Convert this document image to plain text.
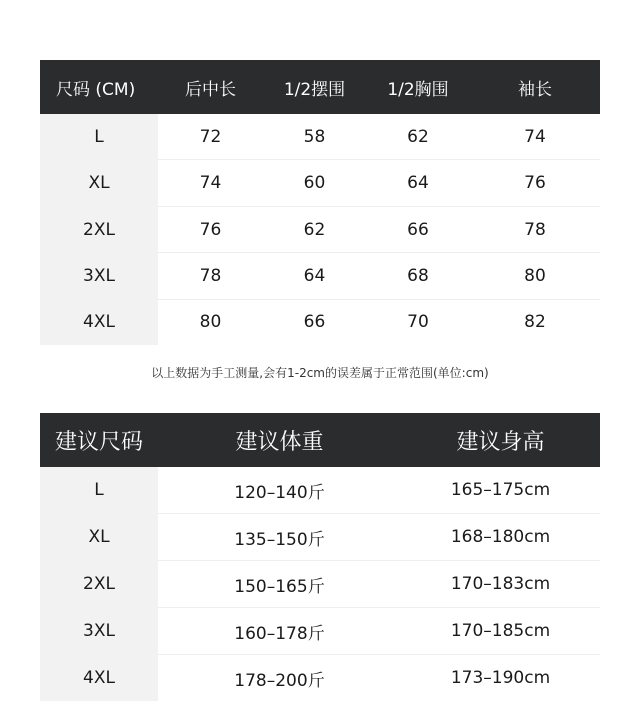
尺码 (CM)	后中长	1/2摆围	1/2胸围	袖长
L	72	58	62	74
XL	74	60	64	76
2XL	76	62	66	78
3XL	78	64	68	80
4XL	80	66	70	82
以上数据为手工测量,会有1-2cm的误差属于正常范围(单位:cm)
建议尺码	建议体重	建议身高
L	120–140斤	165–175cm
XL	135–150斤	168–180cm
2XL	150–165斤	170–183cm
3XL	160–178斤	170–185cm
4XL	178–200斤	173–190cm
